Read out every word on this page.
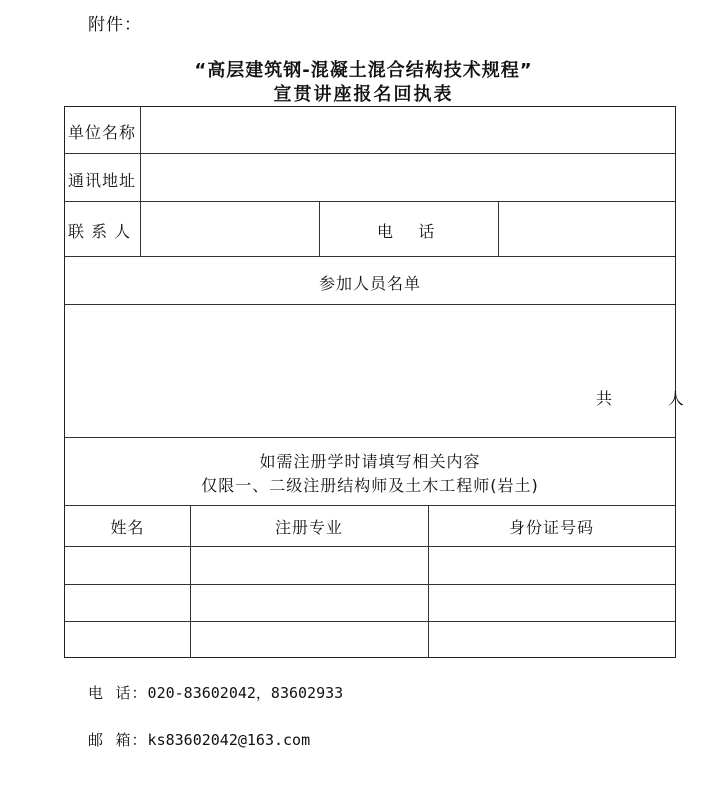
附件：
“高层建筑钢-混凝土混合结构技术规程”
宣贯讲座报名回执表
单位名称
通讯地址
联 系 人	电    话
参加人员名单
共         人
如需注册学时请填写相关内容
仅限一、二级注册结构师及土木工程师(岩土)
姓名	注册专业	身份证号码
电  话：020-83602042，83602933
邮  箱：ks83602042@163.com
